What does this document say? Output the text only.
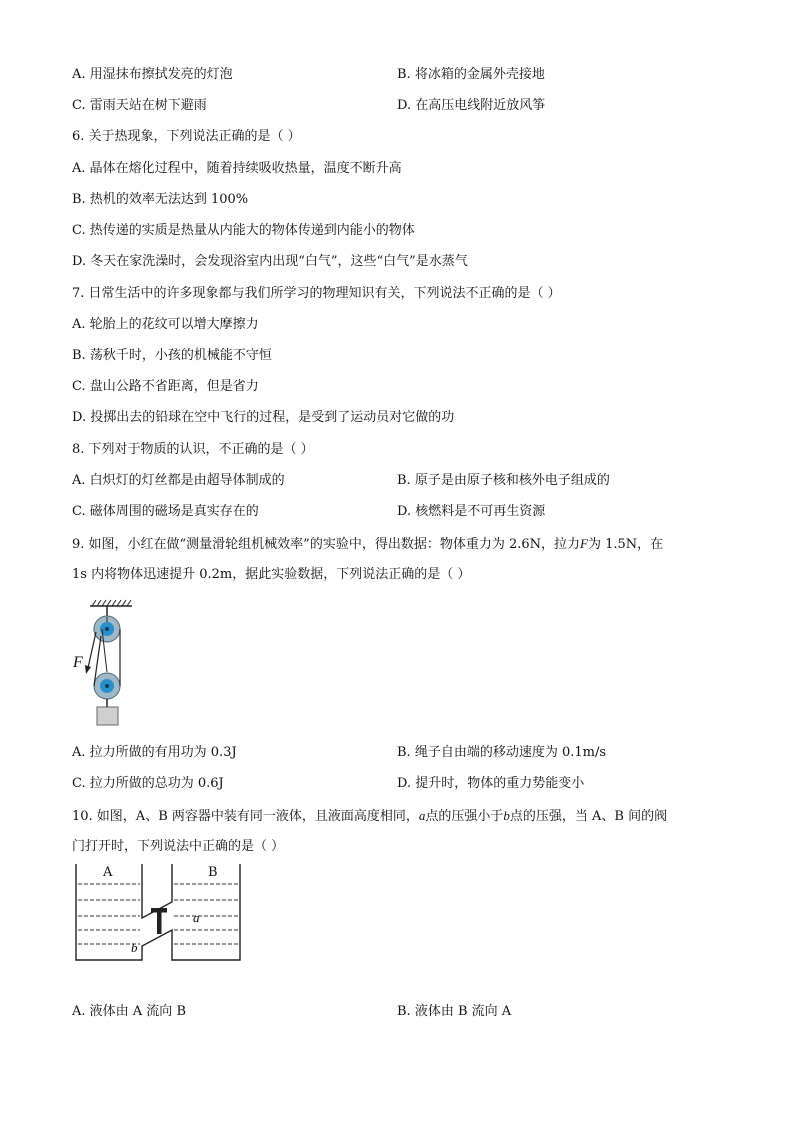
A. 用湿抹布擦拭发亮的灯泡	B. 将冰箱的金属外壳接地
C. 雷雨天站在树下避雨	D. 在高压电线附近放风筝
6. 关于热现象，下列说法正确的是（ ）
A. 晶体在熔化过程中，随着持续吸收热量，温度不断升高
B. 热机的效率无法达到 100%
C. 热传递的实质是热量从内能大的物体传递到内能小的物体
D. 冬天在家洗澡时，会发现浴室内出现“白气”，这些“白气”是水蒸气
7. 日常生活中的许多现象都与我们所学习的物理知识有关，下列说法不正确的是（ ）
A. 轮胎上的花纹可以增大摩擦力
B. 荡秋千时，小孩的机械能不守恒
C. 盘山公路不省距离，但是省力
D. 投掷出去的铅球在空中飞行的过程，是受到了运动员对它做的功
8. 下列对于物质的认识，不正确的是（ ）
A. 白炽灯的灯丝都是由超导体制成的	B. 原子是由原子核和核外电子组成的
C. 磁体周围的磁场是真实存在的	D. 核燃料是不可再生资源
9. 如图，小红在做“测量滑轮组机械效率”的实验中，得出数据：物体重力为 2.6N，拉力F为 1.5N，在
1s 内将物体迅速提升 0.2m，据此实验数据，下列说法正确的是（ ）
F
A. 拉力所做的有用功为 0.3J	B. 绳子自由端的移动速度为 0.1m/s
C. 拉力所做的总功为 0.6J	D. 提升时，物体的重力势能变小
10. 如图，A、B 两容器中装有同一液体，且液面高度相同，a点的压强小于b点的压强，当 A、B 间的阀
门打开时，下列说法中正确的是（ ）
A	B
a
b
A. 液体由 A 流向 B	B. 液体由 B 流向 A
